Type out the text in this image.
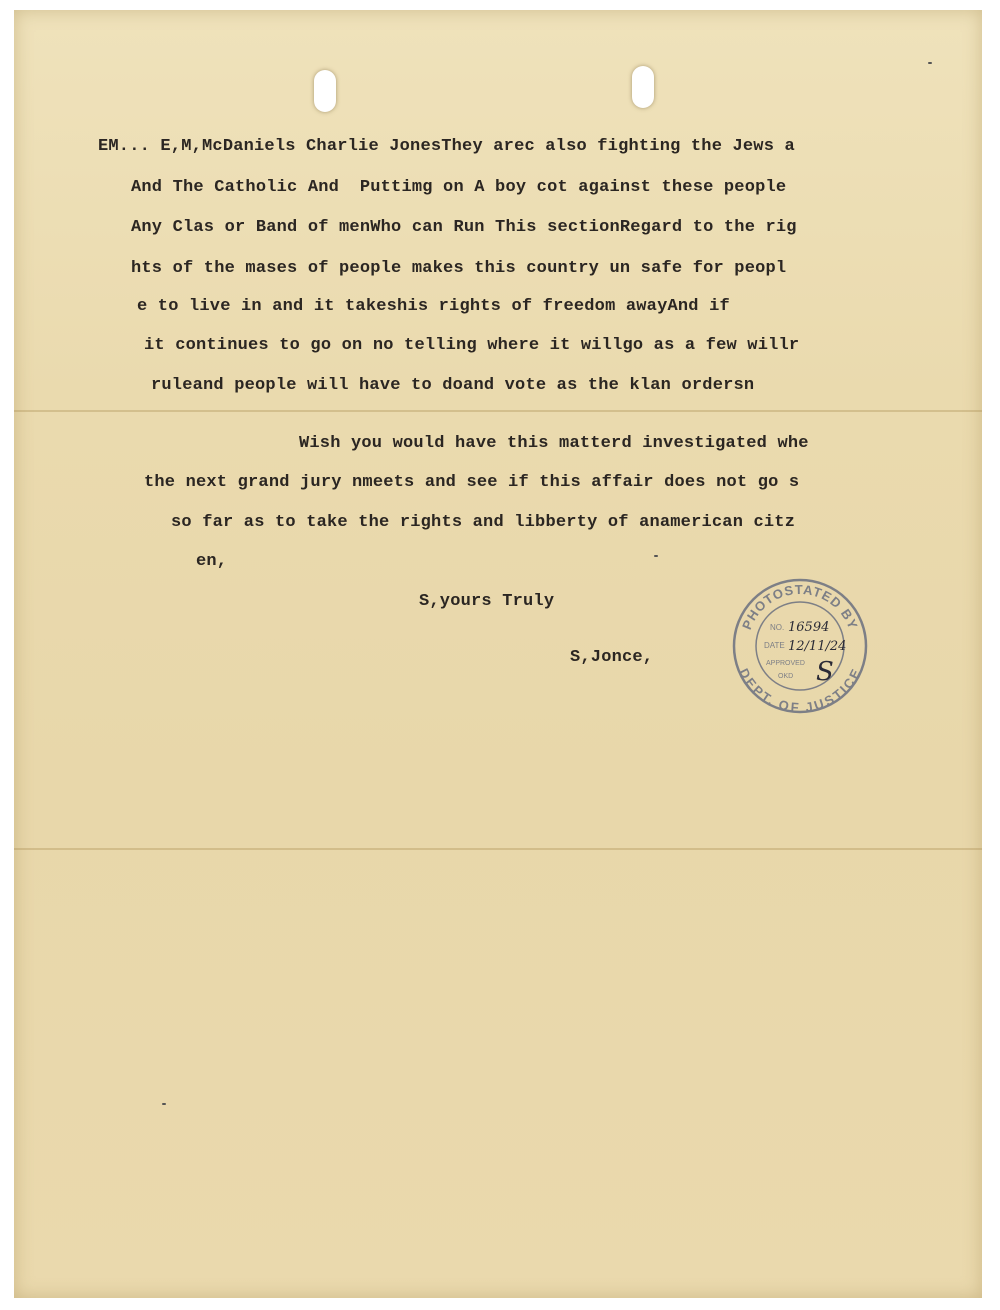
EM... E,M,McDaniels Charlie JonesThey arec also fighting the Jews a
And The Catholic And  Puttimg on A boy cot against these people
Any Clas or Band of menWho can Run This sectionRegard to the rig
hts of the mases of people makes this country un safe for peopl
e to live in and it takeshis rights of freedom awayAnd if
it continues to go on no telling where it willgo as a few willr
ruleand people will have to doand vote as the klan ordersn
Wish you would have this matterd investigated whe
the next grand jury nmeets and see if this affair does not go s
so far as to take the rights and libberty of anamerican citz
en,
S,yours Truly
S,Jonce,
PHOTOSTATED BY
DEPT. OF JUSTICE
NO. 16594
DATE 12/11/24
APPROVED
OKD S
